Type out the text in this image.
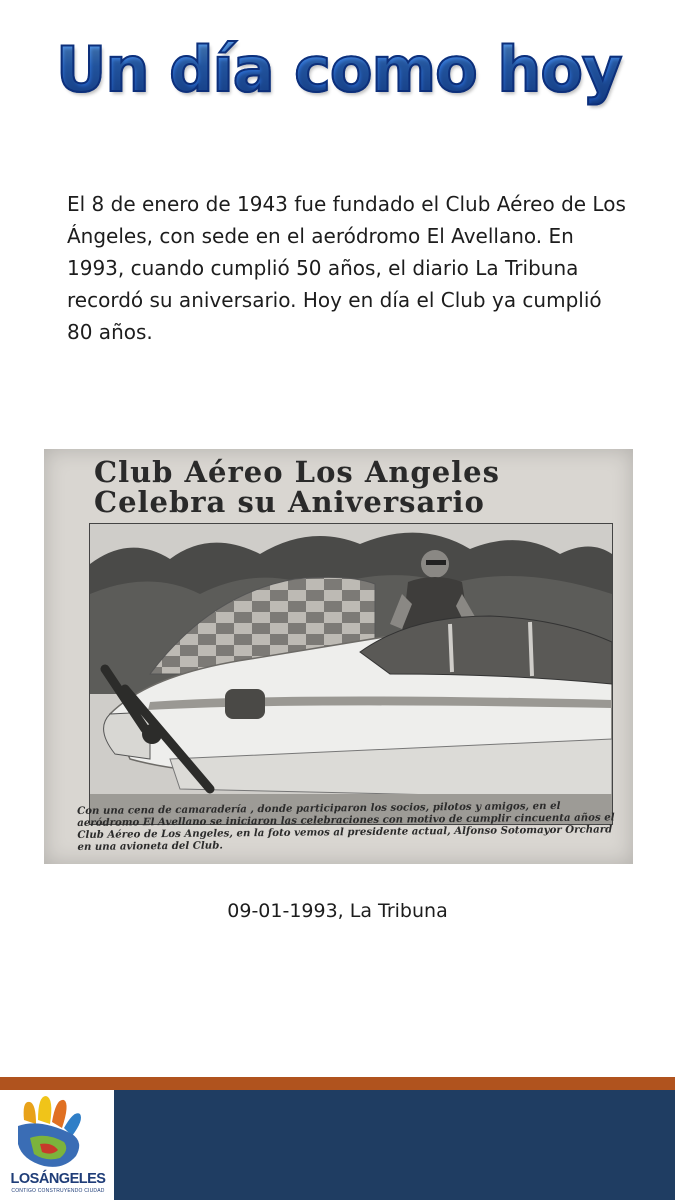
Un día como hoy

El 8 de enero de 1943 fue fundado el Club Aéreo de Los Ángeles, con sede en el aeródromo El Avellano. En 1993, cuando cumplió 50 años, el diario La Tribuna recordó su aniversario. Hoy en día el Club ya cumplió 80 años.

Club Aéreo Los Angeles
Celebra su Aniversario

Con una cena de camaradería , donde participaron los socios, pilotos y amigos, en el aeródromo El Avellano se iniciaron las celebraciones con motivo de cumplir cincuenta años el Club Aéreo de Los Angeles, en la foto vemos al presidente actual, Alfonso Sotomayor Orchard en una avioneta del Club.

09-01-1993, La Tribuna
LOSÁNGELES
CONTIGO CONSTRUYENDO CIUDAD
